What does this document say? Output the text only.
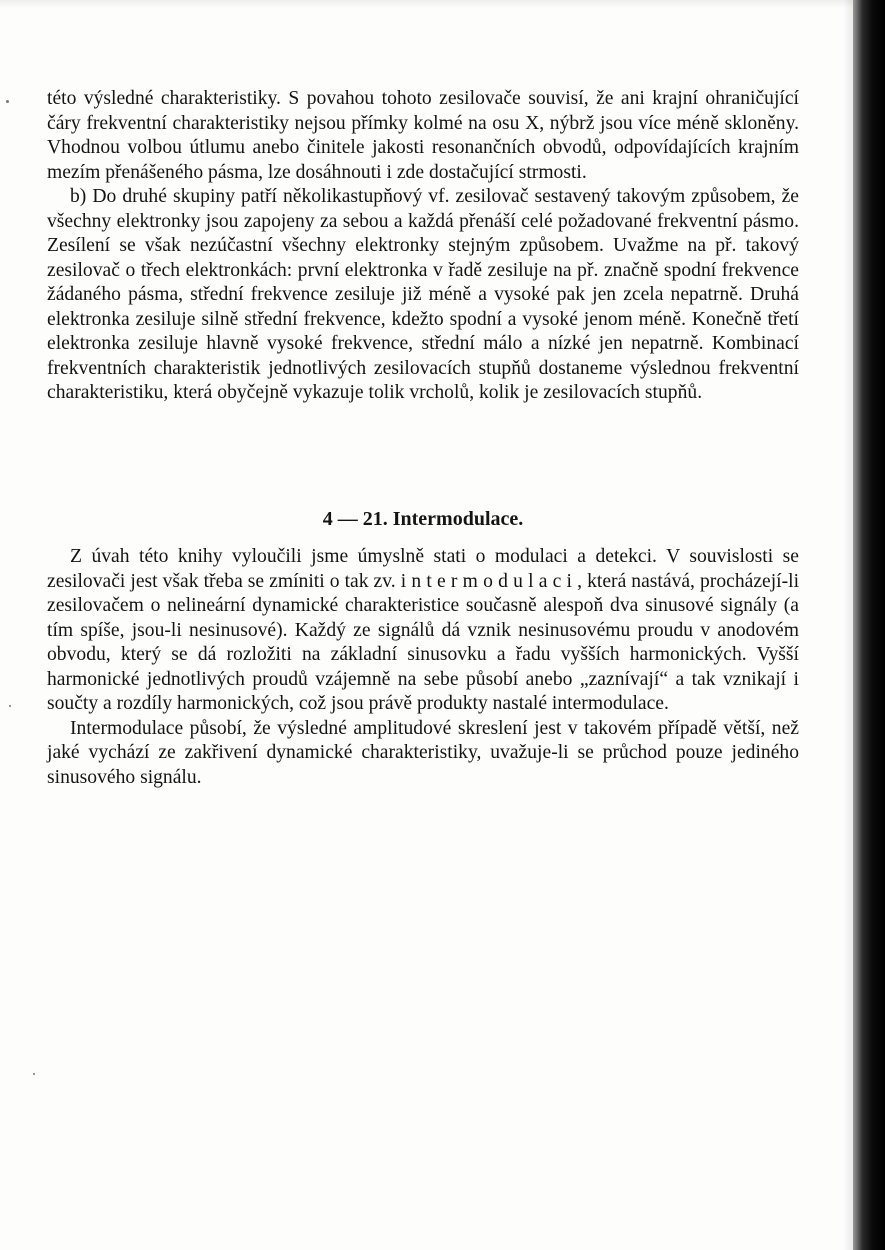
této výsledné charakteristiky. S povahou tohoto zesilovače souvisí, že ani krajní ohraničující čáry frekventní charakteristiky nejsou přímky kolmé na osu X, nýbrž jsou více méně skloněny. Vhodnou volbou útlumu anebo činitele jakosti resonančních obvodů, odpovídajících krajním mezím přenášeného pásma, lze dosáhnouti i zde dostačující strmosti.

b) Do druhé skupiny patří několikastupňový vf. zesilovač sestavený takovým způsobem, že všechny elektronky jsou zapojeny za sebou a každá přenáší celé požadované frekventní pásmo. Zesílení se však nezúčastní všechny elektronky stejným způsobem. Uvažme na př. takový zesilovač o třech elektronkách: první elektronka v řadě zesiluje na př. značně spodní frekvence žádaného pásma, střední frekvence zesiluje již méně a vysoké pak jen zcela nepatrně. Druhá elektronka zesiluje silně střední frekvence, kdežto spodní a vysoké jenom méně. Konečně třetí elektronka zesiluje hlavně vysoké frekvence, střední málo a nízké jen nepatrně. Kombinací frekventních charakteristik jednotlivých zesilovacích stupňů dostaneme výslednou frekventní charakteristiku, která obyčejně vykazuje tolik vrcholů, kolik je zesilovacích stupňů.

4 — 21. Intermodulace.

Z úvah této knihy vyloučili jsme úmyslně stati o modulaci a detekci. V souvislosti se zesilovači jest však třeba se zmíniti o tak zv. intermodulaci, která nastává, procházejí-li zesilovačem o nelineární dynamické charakteristice současně alespoň dva sinusové signály (a tím spíše, jsou-li nesinusové). Každý ze signálů dá vznik nesinusovému proudu v anodovém obvodu, který se dá rozložiti na základní sinusovku a řadu vyšších harmonických. Vyšší harmonické jednotlivých proudů vzájemně na sebe působí anebo „zaznívají“ a tak vznikají i součty a rozdíly harmonických, což jsou právě produkty nastalé intermodulace.

Intermodulace působí, že výsledné amplitudové skreslení jest v takovém případě větší, než jaké vychází ze zakřivení dynamické charakteristiky, uvažuje-li se průchod pouze jediného sinusového signálu.
